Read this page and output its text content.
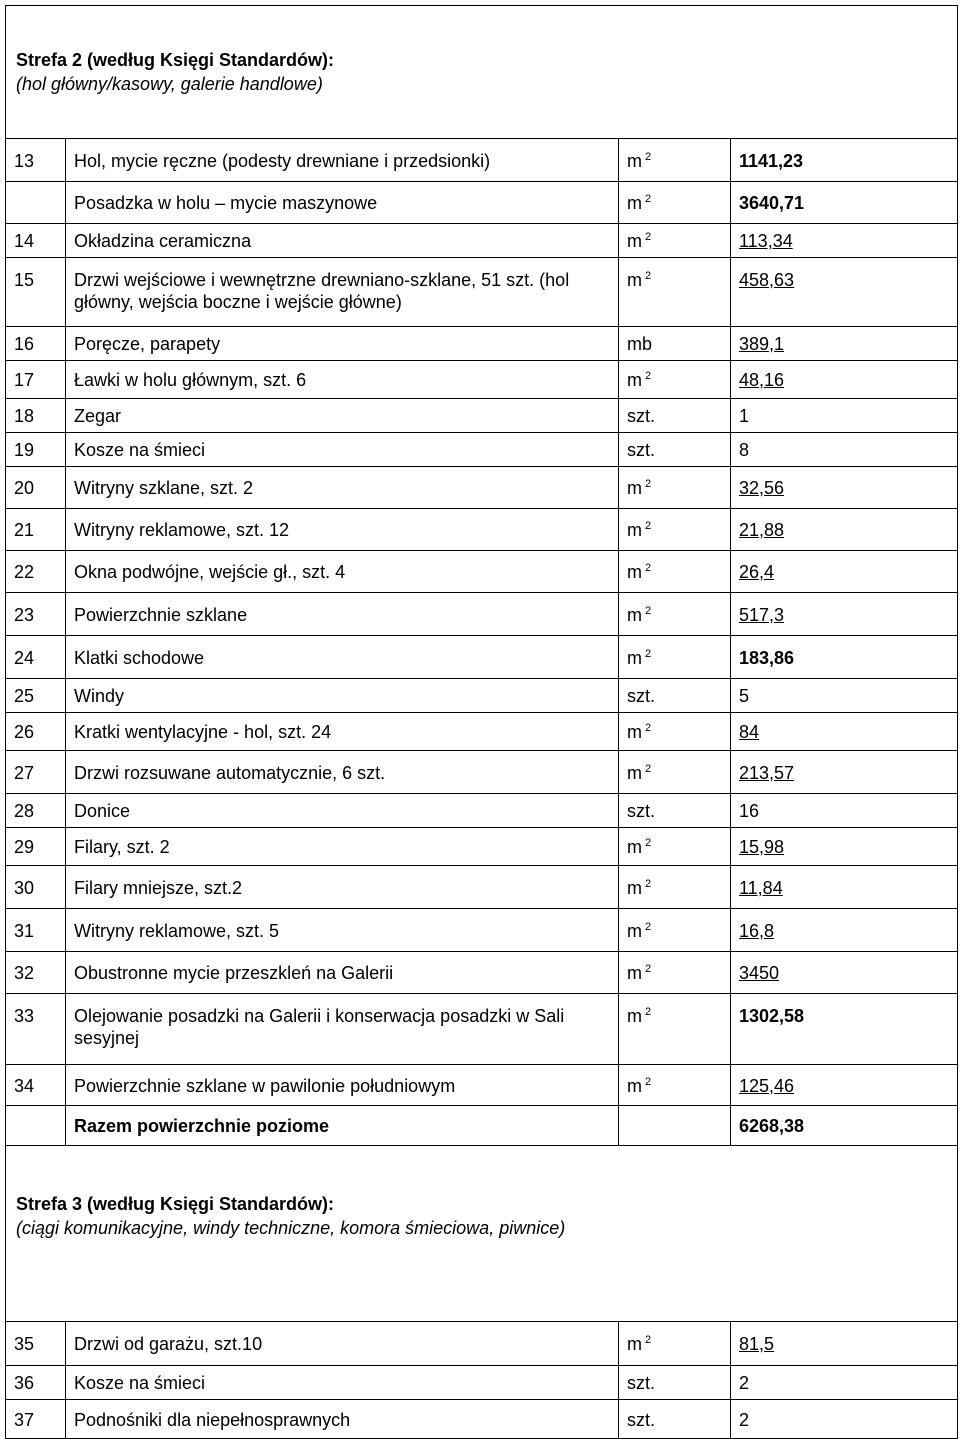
Strefa 2 (według Księgi Standardów):
(hol główny/kasowy, galerie handlowe)			

13	Hol, mycie ręczne (podesty drewniane i przedsionki)	m $^2$	1141,23
	Posadzka w holu – mycie maszynowe	m $^2$	3640,71
14	Okładzina ceramiczna	m $^2$	113,34
15	Drzwi wejściowe i wewnętrzne drewniano-szklane, 51 szt. (hol główny, wejścia boczne i wejście główne)	m $^2$	458,63
16	Poręcze, parapety	mb	389,1
17	Ławki w holu głównym, szt. 6	m $^2$	48,16
18	Zegar	szt.	1
19	Kosze na śmieci	szt.	8
20	Witryny szklane, szt. 2	m $^2$	32,56
21	Witryny reklamowe, szt. 12	m $^2$	21,88
22	Okna podwójne, wejście gł., szt. 4	m $^2$	26,4
23	Powierzchnie szklane	m $^2$	517,3
24	Klatki schodowe	m $^2$	183,86
25	Windy	szt.	5
26	Kratki wentylacyjne - hol, szt. 24	m $^2$	84
27	Drzwi rozsuwane automatycznie, 6 szt.	m $^2$	213,57
28	Donice	szt.	16
29	Filary, szt. 2	m $^2$	15,98
30	Filary mniejsze, szt.2	m $^2$	11,84
31	Witryny reklamowe, szt. 5	m $^2$	16,8
32	Obustronne mycie przeszkleń na Galerii	m $^2$	3450
33	Olejowanie posadzki na Galerii i konserwacja posadzki w Sali sesyjnej	m $^2$	1302,58
34	Powierzchnie szklane w pawilonie południowym	m $^2$	125,46
	Razem powierzchnie poziome		6268,38

Strefa 3 (według Księgi Standardów):
(ciągi komunikacyjne, windy techniczne, komora śmieciowa, piwnice)			

35	Drzwi od garażu, szt.10	m $^2$	81,5
36	Kosze na śmieci	szt.	2
37	Podnośniki dla niepełnosprawnych	szt.	2
